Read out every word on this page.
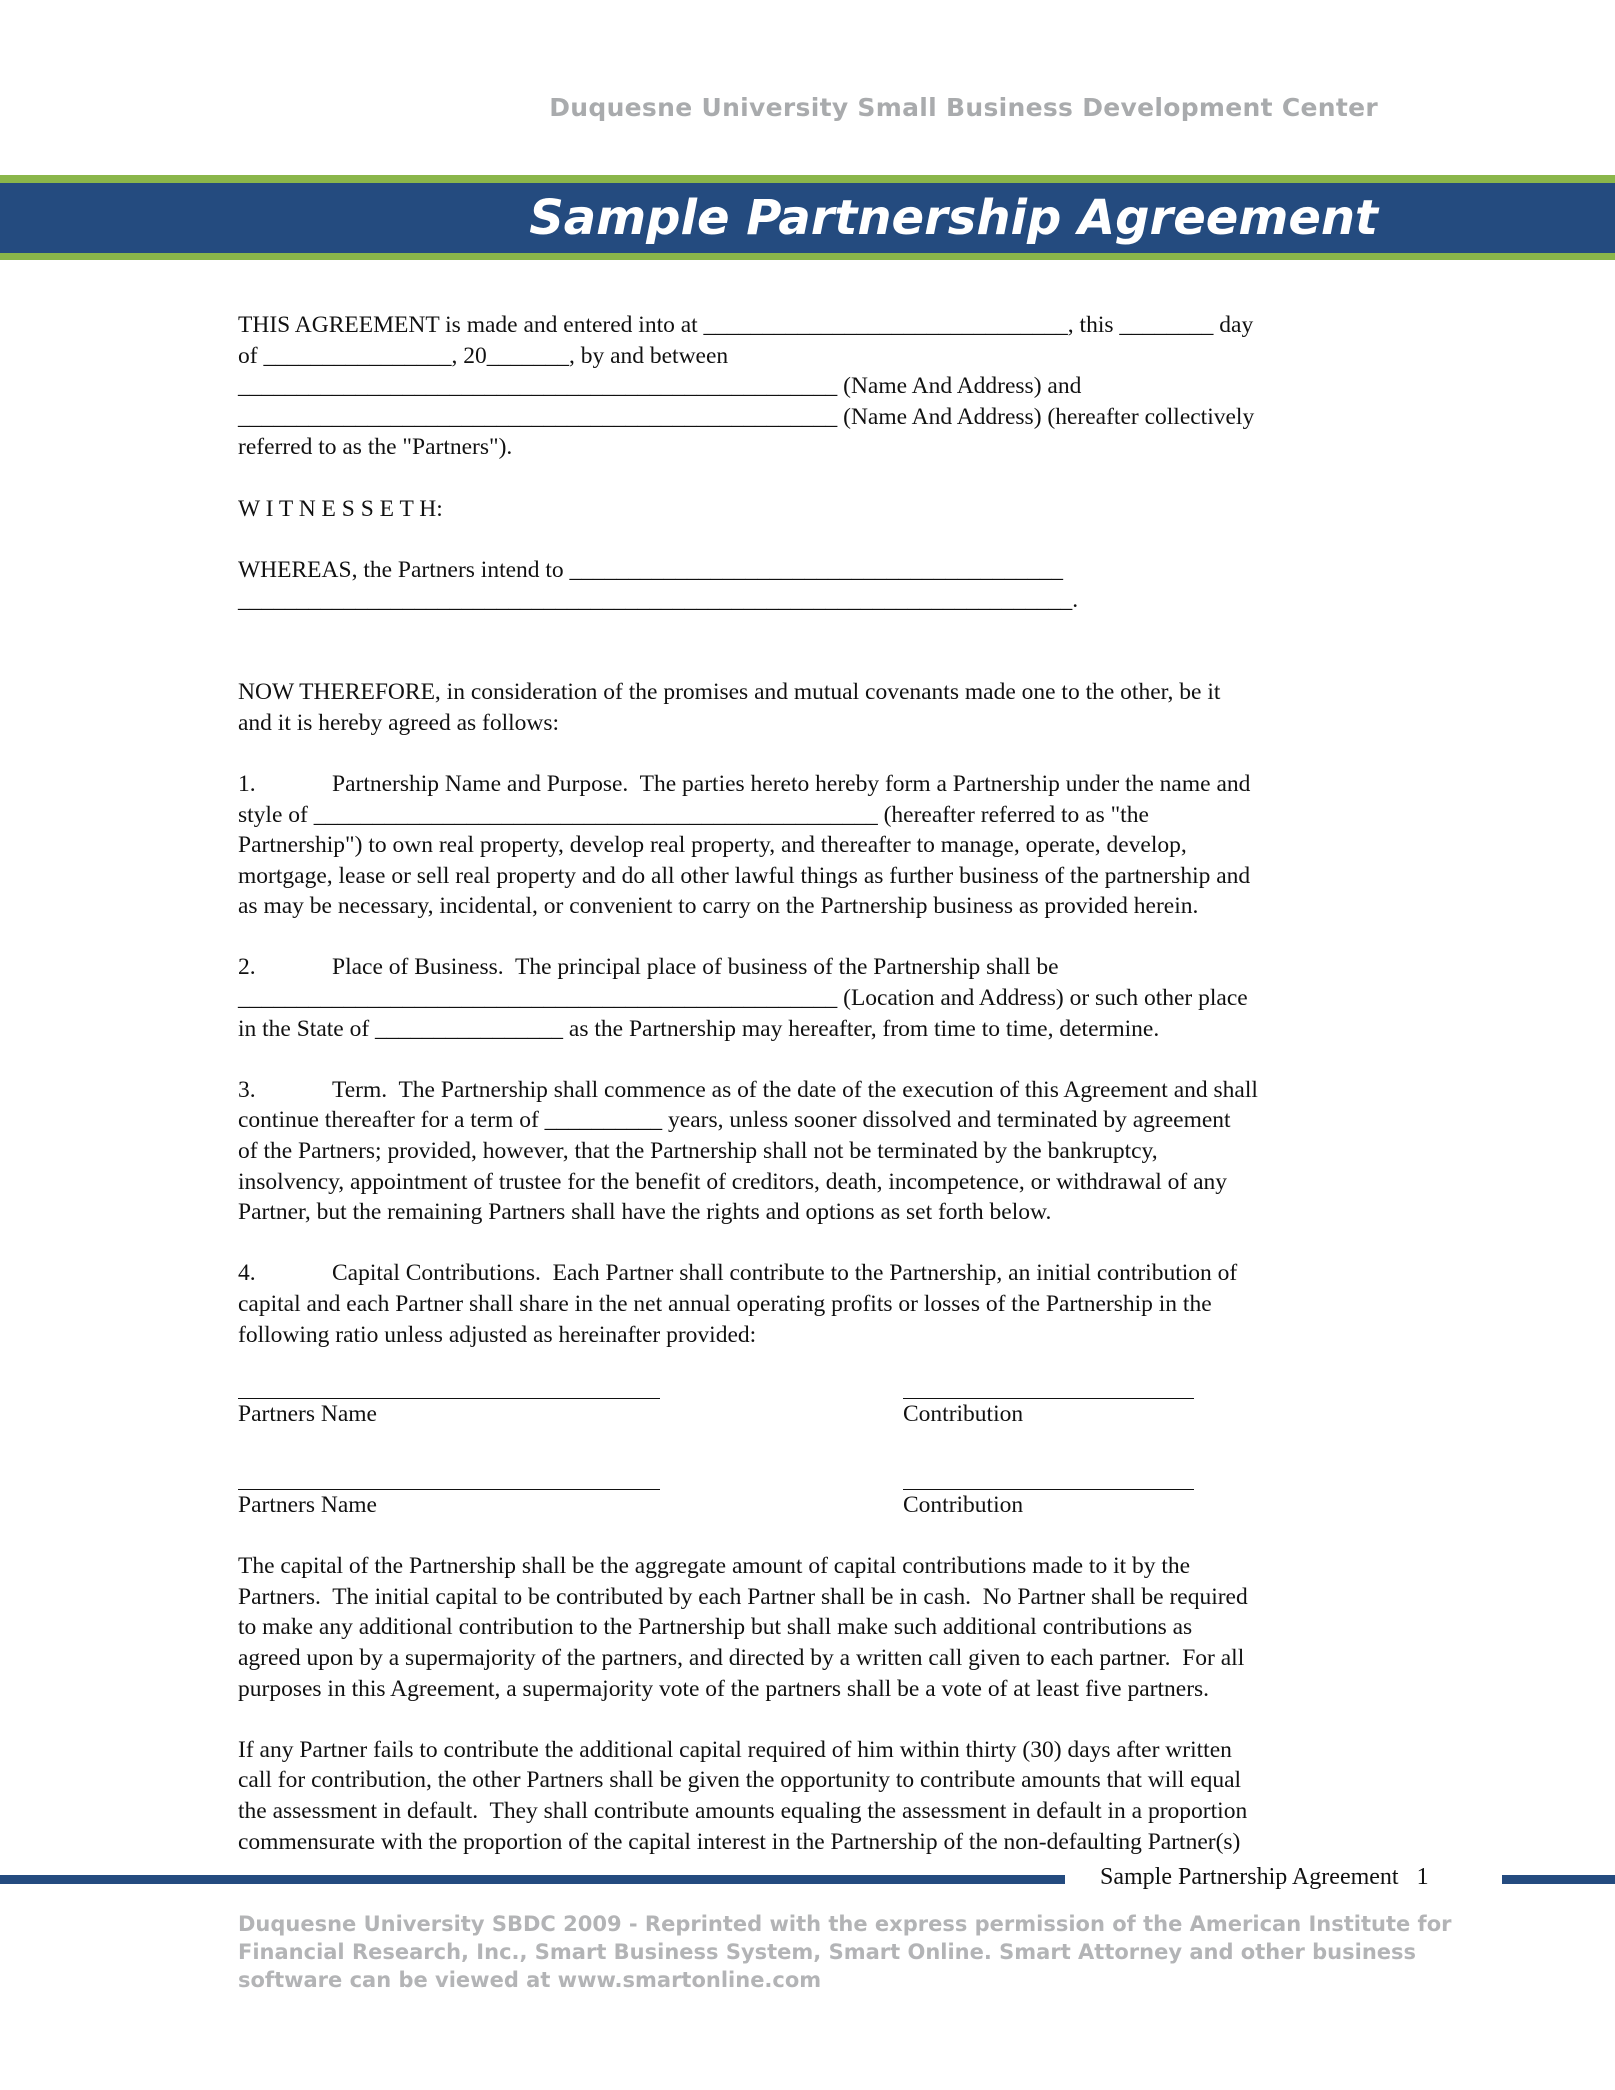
Duquesne University Small Business Development Center
Sample Partnership Agreement

THIS AGREEMENT is made and entered into at _______________________________, this ________ day
of ________________, 20_______, by and between
___________________________________________________ (Name And Address) and
___________________________________________________ (Name And Address) (hereafter collectively
referred to as the "Partners").

W I T N E S S E T H:

WHEREAS, the Partners intend to __________________________________________
_______________________________________________________________________.

NOW THEREFORE, in consideration of the promises and mutual covenants made one to the other, be it
and it is hereby agreed as follows:

1.	Partnership Name and Purpose.  The parties hereto hereby form a Partnership under the name and
style of ________________________________________________ (hereafter referred to as "the
Partnership") to own real property, develop real property, and thereafter to manage, operate, develop,
mortgage, lease or sell real property and do all other lawful things as further business of the partnership and
as may be necessary, incidental, or convenient to carry on the Partnership business as provided herein.

2.	Place of Business.  The principal place of business of the Partnership shall be
___________________________________________________ (Location and Address) or such other place
in the State of ________________ as the Partnership may hereafter, from time to time, determine.

3.	Term.  The Partnership shall commence as of the date of the execution of this Agreement and shall
continue thereafter for a term of __________ years, unless sooner dissolved and terminated by agreement
of the Partners; provided, however, that the Partnership shall not be terminated by the bankruptcy,
insolvency, appointment of trustee for the benefit of creditors, death, incompetence, or withdrawal of any
Partner, but the remaining Partners shall have the rights and options as set forth below.

4.	Capital Contributions.  Each Partner shall contribute to the Partnership, an initial contribution of
capital and each Partner shall share in the net annual operating profits or losses of the Partnership in the
following ratio unless adjusted as hereinafter provided:

Partners Name	Contribution
Partners Name	Contribution

The capital of the Partnership shall be the aggregate amount of capital contributions made to it by the
Partners.  The initial capital to be contributed by each Partner shall be in cash.  No Partner shall be required
to make any additional contribution to the Partnership but shall make such additional contributions as
agreed upon by a supermajority of the partners, and directed by a written call given to each partner.  For all
purposes in this Agreement, a supermajority vote of the partners shall be a vote of at least five partners.

If any Partner fails to contribute the additional capital required of him within thirty (30) days after written
call for contribution, the other Partners shall be given the opportunity to contribute amounts that will equal
the assessment in default.  They shall contribute amounts equaling the assessment in default in a proportion
commensurate with the proportion of the capital interest in the Partnership of the non-defaulting Partner(s)

Sample Partnership Agreement   1
Duquesne University SBDC 2009 - Reprinted with the express permission of the American Institute for
Financial Research, Inc., Smart Business System, Smart Online. Smart Attorney and other business
software can be viewed at www.smartonline.com
